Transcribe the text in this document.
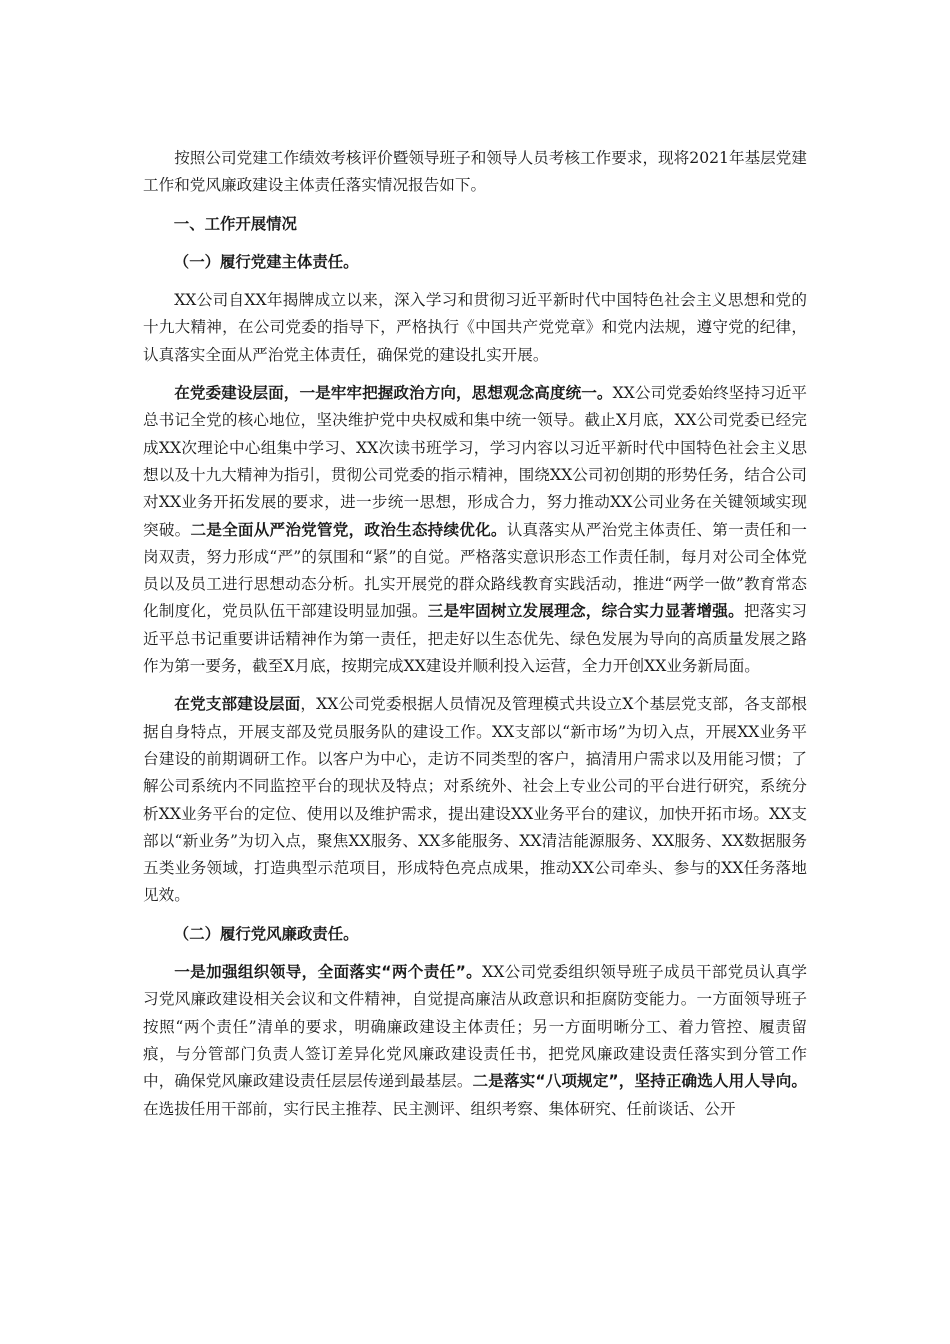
按照公司党建工作绩效考核评价暨领导班子和领导人员考核工作要求，现将2021年基层党建工作和党风廉政建设主体责任落实情况报告如下。

一、工作开展情况

（一）履行党建主体责任。

XX公司自XX年揭牌成立以来，深入学习和贯彻习近平新时代中国特色社会主义思想和党的十九大精神，在公司党委的指导下，严格执行《中国共产党党章》和党内法规，遵守党的纪律，认真落实全面从严治党主体责任，确保党的建设扎实开展。

在党委建设层面，一是牢牢把握政治方向，思想观念高度统一。XX公司党委始终坚持习近平总书记全党的核心地位，坚决维护党中央权威和集中统一领导。截止X月底，XX公司党委已经完成XX次理论中心组集中学习、XX次读书班学习，学习内容以习近平新时代中国特色社会主义思想以及十九大精神为指引，贯彻公司党委的指示精神，围绕XX公司初创期的形势任务，结合公司对XX业务开拓发展的要求，进一步统一思想，形成合力，努力推动XX公司业务在关键领域实现突破。二是全面从严治党管党，政治生态持续优化。认真落实从严治党主体责任、第一责任和一岗双责，努力形成“严”的氛围和“紧”的自觉。严格落实意识形态工作责任制，每月对公司全体党员以及员工进行思想动态分析。扎实开展党的群众路线教育实践活动，推进“两学一做”教育常态化制度化，党员队伍干部建设明显加强。三是牢固树立发展理念，综合实力显著增强。把落实习近平总书记重要讲话精神作为第一责任，把走好以生态优先、绿色发展为导向的高质量发展之路作为第一要务，截至X月底，按期完成XX建设并顺利投入运营，全力开创XX业务新局面。

在党支部建设层面，XX公司党委根据人员情况及管理模式共设立X个基层党支部，各支部根据自身特点，开展支部及党员服务队的建设工作。XX支部以“新市场”为切入点，开展XX业务平台建设的前期调研工作。以客户为中心，走访不同类型的客户，搞清用户需求以及用能习惯；了解公司系统内不同监控平台的现状及特点；对系统外、社会上专业公司的平台进行研究，系统分析XX业务平台的定位、使用以及维护需求，提出建设XX业务平台的建议，加快开拓市场。XX支部以“新业务”为切入点，聚焦XX服务、XX多能服务、XX清洁能源服务、XX服务、XX数据服务五类业务领域，打造典型示范项目，形成特色亮点成果，推动XX公司牵头、参与的XX任务落地见效。

（二）履行党风廉政责任。

一是加强组织领导，全面落实“两个责任”。XX公司党委组织领导班子成员干部党员认真学习党风廉政建设相关会议和文件精神，自觉提高廉洁从政意识和拒腐防变能力。一方面领导班子按照“两个责任”清单的要求，明确廉政建设主体责任；另一方面明晰分工、着力管控、履责留痕，与分管部门负责人签订差异化党风廉政建设责任书，把党风廉政建设责任落实到分管工作中，确保党风廉政建设责任层层传递到最基层。二是落实“八项规定”，坚持正确选人用人导向。在选拔任用干部前，实行民主推荐、民主测评、组织考察、集体研究、任前谈话、公开
